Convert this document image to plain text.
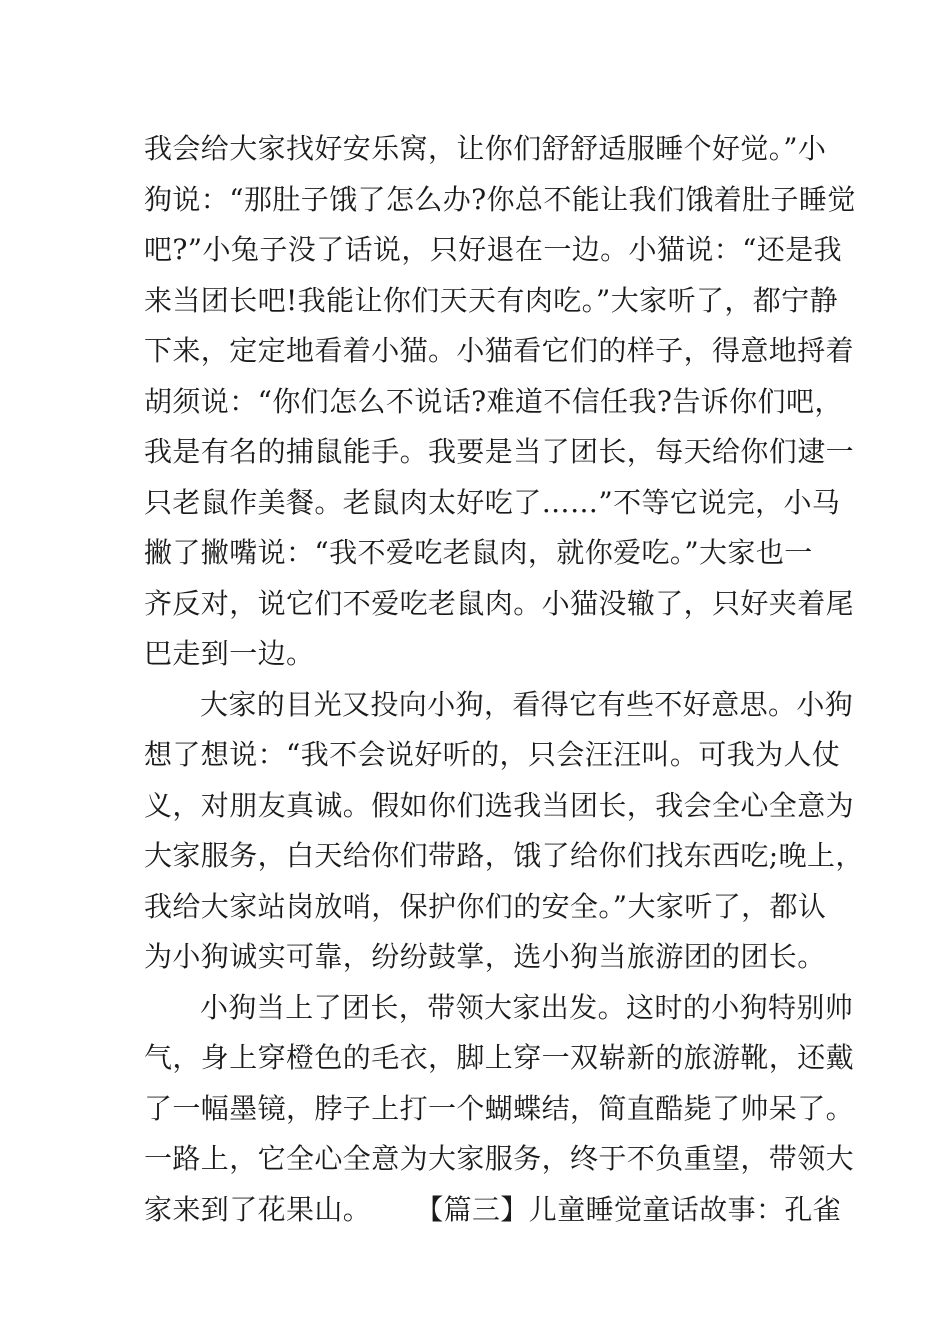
我会给大家找好安乐窝，让你们舒舒适服睡个好觉。”小
狗说：“那肚子饿了怎么办?你总不能让我们饿着肚子睡觉
吧?”小兔子没了话说，只好退在一边。小猫说：“还是我
来当团长吧!我能让你们天天有肉吃。”大家听了，都宁静
下来，定定地看着小猫。小猫看它们的样子，得意地捋着
胡须说：“你们怎么不说话?难道不信任我?告诉你们吧，
我是有名的捕鼠能手。我要是当了团长，每天给你们逮一
只老鼠作美餐。老鼠肉太好吃了……”不等它说完，小马
撇了撇嘴说：“我不爱吃老鼠肉，就你爱吃。”大家也一
齐反对，说它们不爱吃老鼠肉。小猫没辙了，只好夹着尾
巴走到一边。
大家的目光又投向小狗，看得它有些不好意思。小狗
想了想说：“我不会说好听的，只会汪汪叫。可我为人仗
义，对朋友真诚。假如你们选我当团长，我会全心全意为
大家服务，白天给你们带路，饿了给你们找东西吃;晚上，
我给大家站岗放哨，保护你们的安全。”大家听了，都认
为小狗诚实可靠，纷纷鼓掌，选小狗当旅游团的团长。
小狗当上了团长，带领大家出发。这时的小狗特别帅
气，身上穿橙色的毛衣，脚上穿一双崭新的旅游靴，还戴
了一幅墨镜，脖子上打一个蝴蝶结，简直酷毙了帅呆了。
一路上，它全心全意为大家服务，终于不负重望，带领大
家来到了花果山。 【篇三】儿童睡觉童话故事：孔雀
